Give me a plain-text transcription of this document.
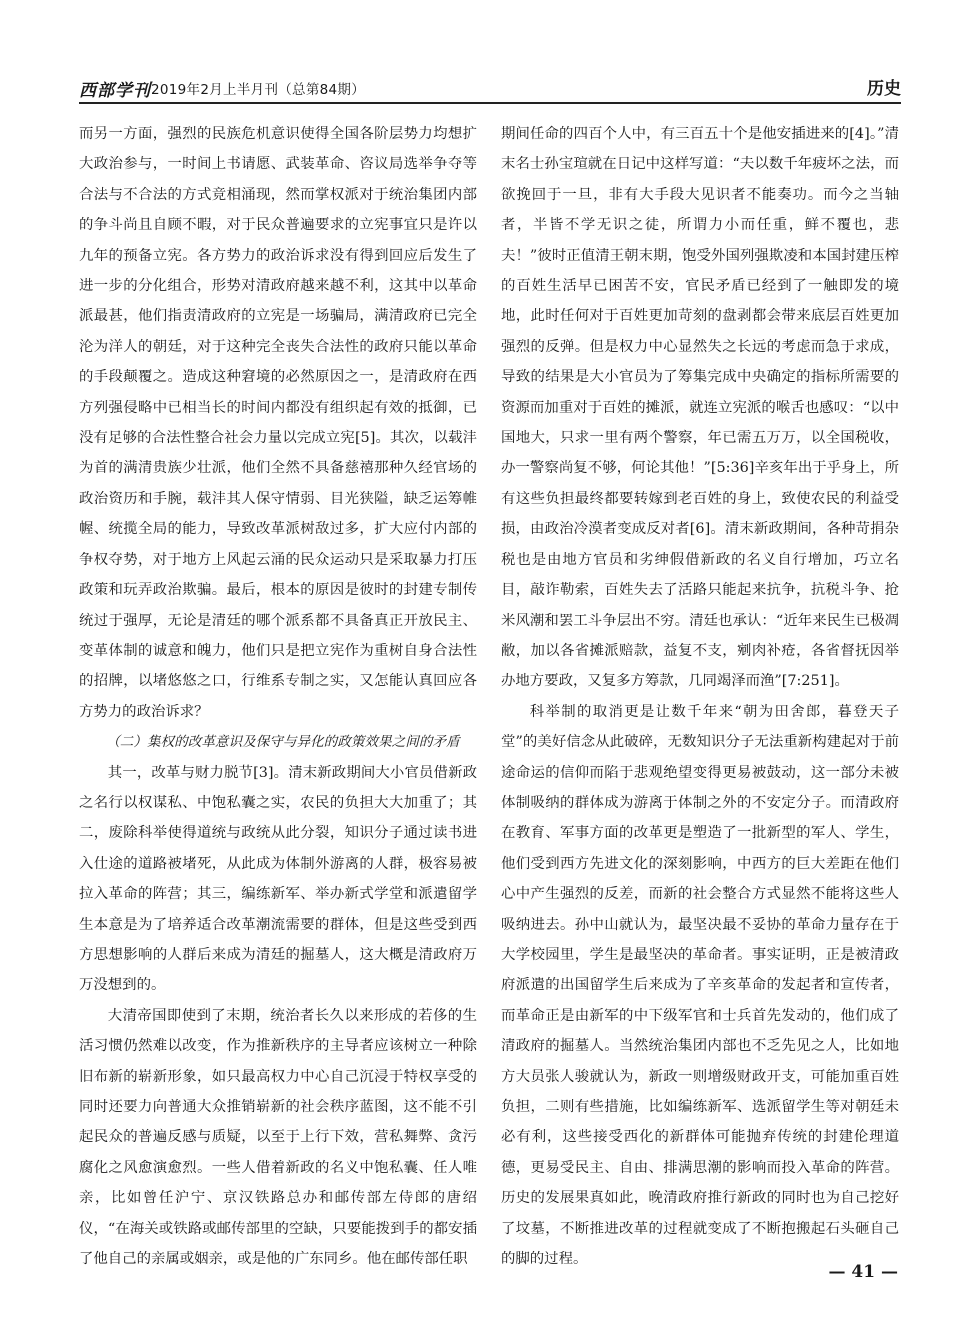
西部学刊 2019年2月上半月刊（总第84期）	历史

而另一方面，强烈的民族危机意识使得全国各阶层势力均想扩大政治参与，一时间上书请愿、武装革命、咨议局选举争夺等合法与不合法的方式竞相涌现，然而掌权派对于统治集团内部的争斗尚且自顾不暇，对于民众普遍要求的立宪事宜只是许以九年的预备立宪。各方势力的政治诉求没有得到回应后发生了进一步的分化组合，形势对清政府越来越不利，这其中以革命派最甚，他们指责清政府的立宪是一场骗局，满清政府已完全沦为洋人的朝廷，对于这种完全丧失合法性的政府只能以革命的手段颠覆之。造成这种窘境的必然原因之一，是清政府在西方列强侵略中已相当长的时间内都没有组织起有效的抵御，已没有足够的合法性整合社会力量以完成立宪[5]。其次，以载沣为首的满清贵族少壮派，他们全然不具备慈禧那种久经官场的政治资历和手腕，载沣其人保守情弱、目光狭隘，缺乏运筹帷幄、统揽全局的能力，导致改革派树敌过多，扩大应付内部的争权夺势，对于地方上风起云涌的民众运动只是采取暴力打压政策和玩弄政治欺骗。最后，根本的原因是彼时的封建专制传统过于强厚，无论是清廷的哪个派系都不具备真正开放民主、变革体制的诚意和魄力，他们只是把立宪作为重树自身合法性的招牌，以堵悠悠之口，行维系专制之实，又怎能认真回应各方势力的政治诉求？

（二）集权的改革意识及保守与异化的政策效果之间的矛盾

其一，改革与财力脱节[3]。清末新政期间大小官员借新政之名行以权谋私、中饱私囊之实，农民的负担大大加重了；其二，废除科举使得道统与政统从此分裂，知识分子通过读书进入仕途的道路被堵死，从此成为体制外游离的人群，极容易被拉入革命的阵营；其三，编练新军、举办新式学堂和派遣留学生本意是为了培养适合改革潮流需要的群体，但是这些受到西方思想影响的人群后来成为清廷的掘墓人，这大概是清政府万万没想到的。

大清帝国即使到了末期，统治者长久以来形成的若侈的生活习惯仍然难以改变，作为推新秩序的主导者应该树立一种除旧布新的崭新形象，如只最高权力中心自己沉浸于特权享受的同时还要力向普通大众推销崭新的社会秩序蓝图，这不能不引起民众的普遍反感与质疑，以至于上行下效，营私舞弊、贪污腐化之风愈演愈烈。一些人借着新政的名义中饱私囊、任人唯亲，比如曾任沪宁、京汉铁路总办和邮传部左侍郎的唐绍仪，“在海关或铁路或邮传部里的空缺，只要能拨到手的都安插了他自己的亲属或姻亲，或是他的广东同乡。他在邮传部任职

期间任命的四百个人中，有三百五十个是他安插进来的[4]。”清末名士孙宝瑄就在日记中这样写道：“夫以数千年疲坏之法，而欲挽回于一旦，非有大手段大见识者不能奏功。而今之当轴者，半皆不学无识之徒，所谓力小而任重，鲜不覆也，悲夫！”彼时正值清王朝末期，饱受外国列强欺凌和本国封建压榨的百姓生活早已困苦不安，官民矛盾已经到了一触即发的境地，此时任何对于百姓更加苛刻的盘剥都会带来底层百姓更加强烈的反弹。但是权力中心显然失之长远的考虑而急于求成，导致的结果是大小官员为了筹集完成中央确定的指标所需要的资源而加重对于百姓的摊派，就连立宪派的喉舌也感叹：“以中国地大，只求一里有两个警察，年已需五万万，以全国税收，办一警察尚复不够，何论其他！”[5:36]辛亥年出于乎身上，所有这些负担最终都要转嫁到老百姓的身上，致使农民的利益受损，由政治冷漠者变成反对者[6]。清末新政期间，各种苛捐杂税也是由地方官员和劣绅假借新政的名义自行增加，巧立名目，敲诈勒索，百姓失去了活路只能起来抗争，抗税斗争、抢米风潮和罢工斗争层出不穷。清廷也承认：“近年来民生已极凋敝，加以各省摊派赔款，益复不支，剜肉补疮，各省督抚因举办地方要政，又复多方筹款，几同竭泽而渔”[7:251]。

科举制的取消更是让数千年来“朝为田舍郎，暮登天子堂”的美好信念从此破碎，无数知识分子无法重新构建起对于前途命运的信仰而陷于悲观绝望变得更易被鼓动，这一部分未被体制吸纳的群体成为游离于体制之外的不安定分子。而清政府在教育、军事方面的改革更是塑造了一批新型的军人、学生，他们受到西方先进文化的深刻影响，中西方的巨大差距在他们心中产生强烈的反差，而新的社会整合方式显然不能将这些人吸纳进去。孙中山就认为，最坚决最不妥协的革命力量存在于大学校园里，学生是最坚决的革命者。事实证明，正是被清政府派遣的出国留学生后来成为了辛亥革命的发起者和宣传者，而革命正是由新军的中下级军官和士兵首先发动的，他们成了清政府的掘墓人。当然统治集团内部也不乏先见之人，比如地方大员张人骏就认为，新政一则增级财政开支，可能加重百姓负担，二则有些措施，比如编练新军、选派留学生等对朝廷未必有利，这些接受西化的新群体可能抛弃传统的封建伦理道德，更易受民主、自由、排满思潮的影响而投入革命的阵营。历史的发展果真如此，晚清政府推行新政的同时也为自己挖好了坟墓，不断推进改革的过程就变成了不断抱搬起石头砸自己的脚的过程。

— 41 —
